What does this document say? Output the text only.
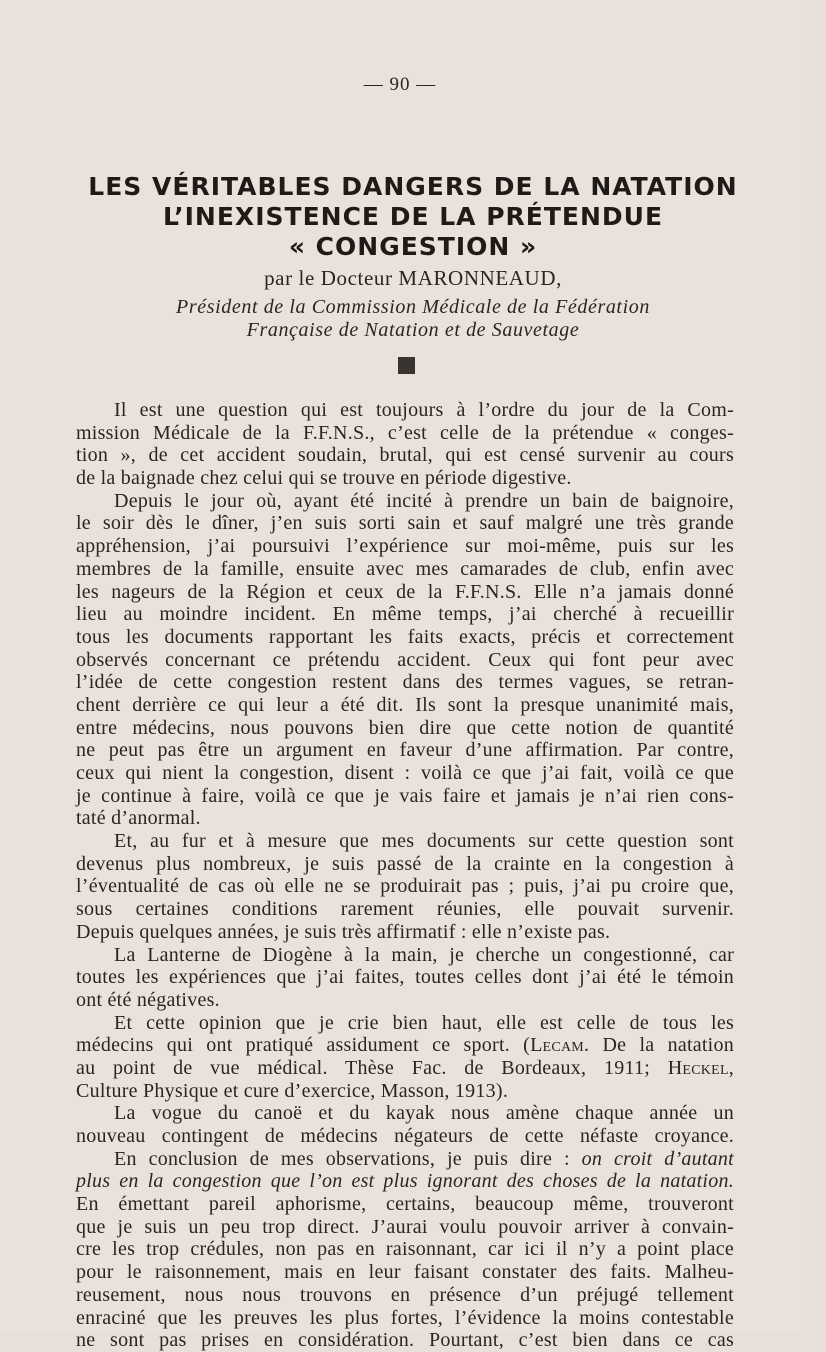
— 90 —
LES VÉRITABLES DANGERS DE LA NATATION
L’INEXISTENCE DE LA PRÉTENDUE
« CONGESTION »
par le Docteur MARONNEAUD,
Président de la Commission Médicale de la Fédération
Française de Natation et de Sauvetage
Il est une question qui est toujours à l’ordre du jour de la Com-
mission Médicale de la F.F.N.S., c’est celle de la prétendue « conges-
tion », de cet accident soudain, brutal, qui est censé survenir au cours
de la baignade chez celui qui se trouve en période digestive.
Depuis le jour où, ayant été incité à prendre un bain de baignoire,
le soir dès le dîner, j’en suis sorti sain et sauf malgré une très grande
appréhension, j’ai poursuivi l’expérience sur moi-même, puis sur les
membres de la famille, ensuite avec mes camarades de club, enfin avec
les nageurs de la Région et ceux de la F.F.N.S. Elle n’a jamais donné
lieu au moindre incident. En même temps, j’ai cherché à recueillir
tous les documents rapportant les faits exacts, précis et correctement
observés concernant ce prétendu accident. Ceux qui font peur avec
l’idée de cette congestion restent dans des termes vagues, se retran-
chent derrière ce qui leur a été dit. Ils sont la presque unanimité mais,
entre médecins, nous pouvons bien dire que cette notion de quantité
ne peut pas être un argument en faveur d’une affirmation. Par contre,
ceux qui nient la congestion, disent : voilà ce que j’ai fait, voilà ce que
je continue à faire, voilà ce que je vais faire et jamais je n’ai rien cons-
taté d’anormal.
Et, au fur et à mesure que mes documents sur cette question sont
devenus plus nombreux, je suis passé de la crainte en la congestion à
l’éventualité de cas où elle ne se produirait pas ; puis, j’ai pu croire que,
sous certaines conditions rarement réunies, elle pouvait survenir.
Depuis quelques années, je suis très affirmatif : elle n’existe pas.
La Lanterne de Diogène à la main, je cherche un congestionné, car
toutes les expériences que j’ai faites, toutes celles dont j’ai été le témoin
ont été négatives.
Et cette opinion que je crie bien haut, elle est celle de tous les
médecins qui ont pratiqué assidument ce sport. (Lecam. De la natation
au point de vue médical. Thèse Fac. de Bordeaux, 1911; Heckel,
Culture Physique et cure d’exercice, Masson, 1913).
La vogue du canoë et du kayak nous amène chaque année un
nouveau contingent de médecins négateurs de cette néfaste croyance.
En conclusion de mes observations, je puis dire : on croit d’autant
plus en la congestion que l’on est plus ignorant des choses de la natation.
En émettant pareil aphorisme, certains, beaucoup même, trouveront
que je suis un peu trop direct. J’aurai voulu pouvoir arriver à convain-
cre les trop crédules, non pas en raisonnant, car ici il n’y a point place
pour le raisonnement, mais en leur faisant constater des faits. Malheu-
reusement, nous nous trouvons en présence d’un préjugé tellement
enraciné que les preuves les plus fortes, l’évidence la moins contestable
ne sont pas prises en considération. Pourtant, c’est bien dans ce cas
